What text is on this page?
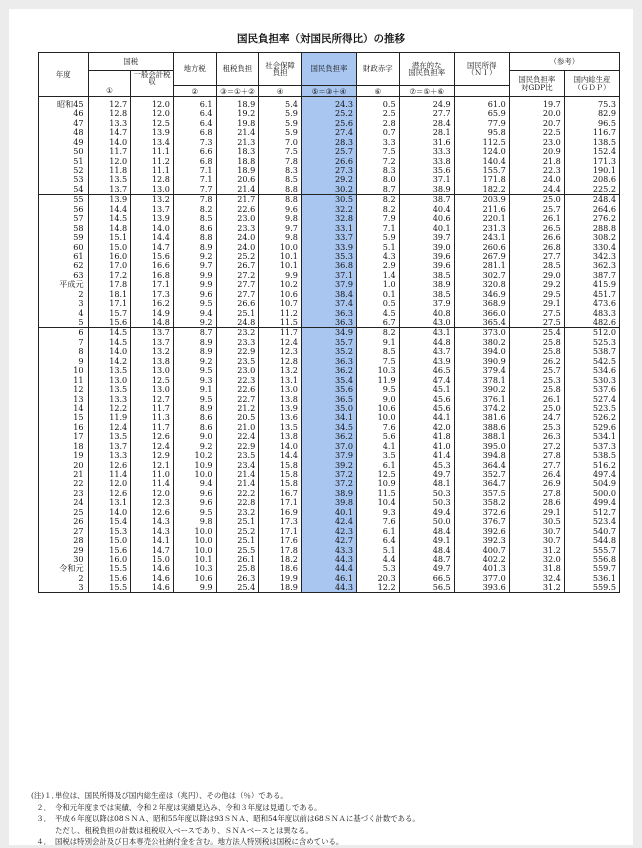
国民負担率（対国民所得比）の推移
年度	国税		地方税	租税負担	社会保障
負担	国民負担率	財政赤字	潜在的な
国民負担率	国民所得
（ＮＩ）	（参考）	
		一般会計税収								国民負担率
対GDP比	国内総生産
（ＧＤＰ）
	①		②	③＝①＋②	④	⑤＝③＋④	⑥	⑦＝⑤＋⑥			
昭和45	12.7	12.0	6.1	18.9	5.4	24.3	0.5	24.9	61.0	19.7	75.3
46	12.8	12.0	6.4	19.2	5.9	25.2	2.5	27.7	65.9	20.0	82.9
47	13.3	12.5	6.4	19.8	5.9	25.6	2.8	28.4	77.9	20.7	96.5
48	14.7	13.9	6.8	21.4	5.9	27.4	0.7	28.1	95.8	22.5	116.7
49	14.0	13.4	7.3	21.3	7.0	28.3	3.3	31.6	112.5	23.0	138.5
50	11.7	11.1	6.6	18.3	7.5	25.7	7.5	33.3	124.0	20.9	152.4
51	12.0	11.2	6.8	18.8	7.8	26.6	7.2	33.8	140.4	21.8	171.3
52	11.8	11.1	7.1	18.9	8.3	27.3	8.3	35.6	155.7	22.3	190.1
53	13.5	12.8	7.1	20.6	8.5	29.2	8.0	37.1	171.8	24.0	208.6
54	13.7	13.0	7.7	21.4	8.8	30.2	8.7	38.9	182.2	24.4	225.2
55	13.9	13.2	7.8	21.7	8.8	30.5	8.2	38.7	203.9	25.0	248.4
56	14.4	13.7	8.2	22.6	9.6	32.2	8.2	40.4	211.6	25.7	264.6
57	14.5	13.9	8.5	23.0	9.8	32.8	7.9	40.6	220.1	26.1	276.2
58	14.8	14.0	8.6	23.3	9.7	33.1	7.1	40.1	231.3	26.5	288.8
59	15.1	14.4	8.8	24.0	9.8	33.7	5.9	39.7	243.1	26.6	308.2
60	15.0	14.7	8.9	24.0	10.0	33.9	5.1	39.0	260.6	26.8	330.4
61	16.0	15.6	9.2	25.2	10.1	35.3	4.3	39.6	267.9	27.7	342.3
62	17.0	16.6	9.7	26.7	10.1	36.8	2.9	39.6	281.1	28.5	362.3
63	17.2	16.8	9.9	27.2	9.9	37.1	1.4	38.5	302.7	29.0	387.7
平成元	17.8	17.1	9.9	27.7	10.2	37.9	1.0	38.9	320.8	29.2	415.9
2	18.1	17.3	9.6	27.7	10.6	38.4	0.1	38.5	346.9	29.5	451.7
3	17.1	16.2	9.5	26.6	10.7	37.4	0.5	37.9	368.9	29.1	473.6
4	15.7	14.9	9.4	25.1	11.2	36.3	4.5	40.8	366.0	27.5	483.3
5	15.6	14.8	9.2	24.8	11.5	36.3	6.7	43.0	365.4	27.5	482.6
6	14.5	13.7	8.7	23.2	11.7	34.9	8.2	43.1	373.0	25.4	512.0
7	14.5	13.7	8.9	23.3	12.4	35.7	9.1	44.8	380.2	25.8	525.3
8	14.0	13.2	8.9	22.9	12.3	35.2	8.5	43.7	394.0	25.8	538.7
9	14.2	13.8	9.2	23.5	12.8	36.3	7.5	43.9	390.9	26.2	542.5
10	13.5	13.0	9.5	23.0	13.2	36.2	10.3	46.5	379.4	25.7	534.6
11	13.0	12.5	9.3	22.3	13.1	35.4	11.9	47.4	378.1	25.3	530.3
12	13.5	13.0	9.1	22.6	13.0	35.6	9.5	45.1	390.2	25.8	537.6
13	13.3	12.7	9.5	22.7	13.8	36.5	9.0	45.6	376.1	26.1	527.4
14	12.2	11.7	8.9	21.2	13.9	35.0	10.6	45.6	374.2	25.0	523.5
15	11.9	11.3	8.6	20.5	13.6	34.1	10.0	44.1	381.6	24.7	526.2
16	12.4	11.7	8.6	21.0	13.5	34.5	7.6	42.0	388.6	25.3	529.6
17	13.5	12.6	9.0	22.4	13.8	36.2	5.6	41.8	388.1	26.3	534.1
18	13.7	12.4	9.2	22.9	14.0	37.0	4.1	41.0	395.0	27.2	537.3
19	13.3	12.9	10.2	23.5	14.4	37.9	3.5	41.4	394.8	27.8	538.5
20	12.6	12.1	10.9	23.4	15.8	39.2	6.1	45.3	364.4	27.7	516.2
21	11.4	11.0	10.0	21.4	15.8	37.2	12.5	49.7	352.7	26.4	497.4
22	12.0	11.4	9.4	21.4	15.8	37.2	10.9	48.1	364.7	26.9	504.9
23	12.6	12.0	9.6	22.2	16.7	38.9	11.5	50.3	357.5	27.8	500.0
24	13.1	12.3	9.6	22.8	17.1	39.8	10.4	50.3	358.2	28.6	499.4
25	14.0	12.6	9.5	23.2	16.9	40.1	9.3	49.4	372.6	29.1	512.7
26	15.4	14.3	9.8	25.1	17.3	42.4	7.6	50.0	376.7	30.5	523.4
27	15.3	14.3	10.0	25.2	17.1	42.3	6.1	48.4	392.6	30.7	540.7
28	15.0	14.1	10.0	25.1	17.6	42.7	6.4	49.1	392.3	30.7	544.8
29	15.6	14.7	10.0	25.5	17.8	43.3	5.1	48.4	400.7	31.2	555.7
30	16.0	15.0	10.1	26.1	18.2	44.3	4.4	48.7	402.2	32.0	556.8
令和元	15.5	14.6	10.3	25.8	18.6	44.4	5.3	49.7	401.3	31.8	559.7
2	15.6	14.6	10.6	26.3	19.9	46.1	20.3	66.5	377.0	32.4	536.1
3	15.5	14.6	9.9	25.4	18.9	44.3	12.2	56.5	393.6	31.2	559.5
(注)１．単位は、国民所得及び国内総生産は（兆円）、その他は（％）である。
２． 令和元年度までは実績、令和２年度は実績見込み、令和３年度は見通しである。
３． 平成６年度以降は08ＳＮＡ、昭和55年度以降は93ＳＮＡ、昭和54年度以前は68ＳＮＡに基づく計数である。
ただし、租税負担の計数は租税収入ベースであり、ＳＮＡベースとは異なる。
４． 国税は特別会計及び日本専売公社納付金を含む。地方法人特別税は国税に含めている。
